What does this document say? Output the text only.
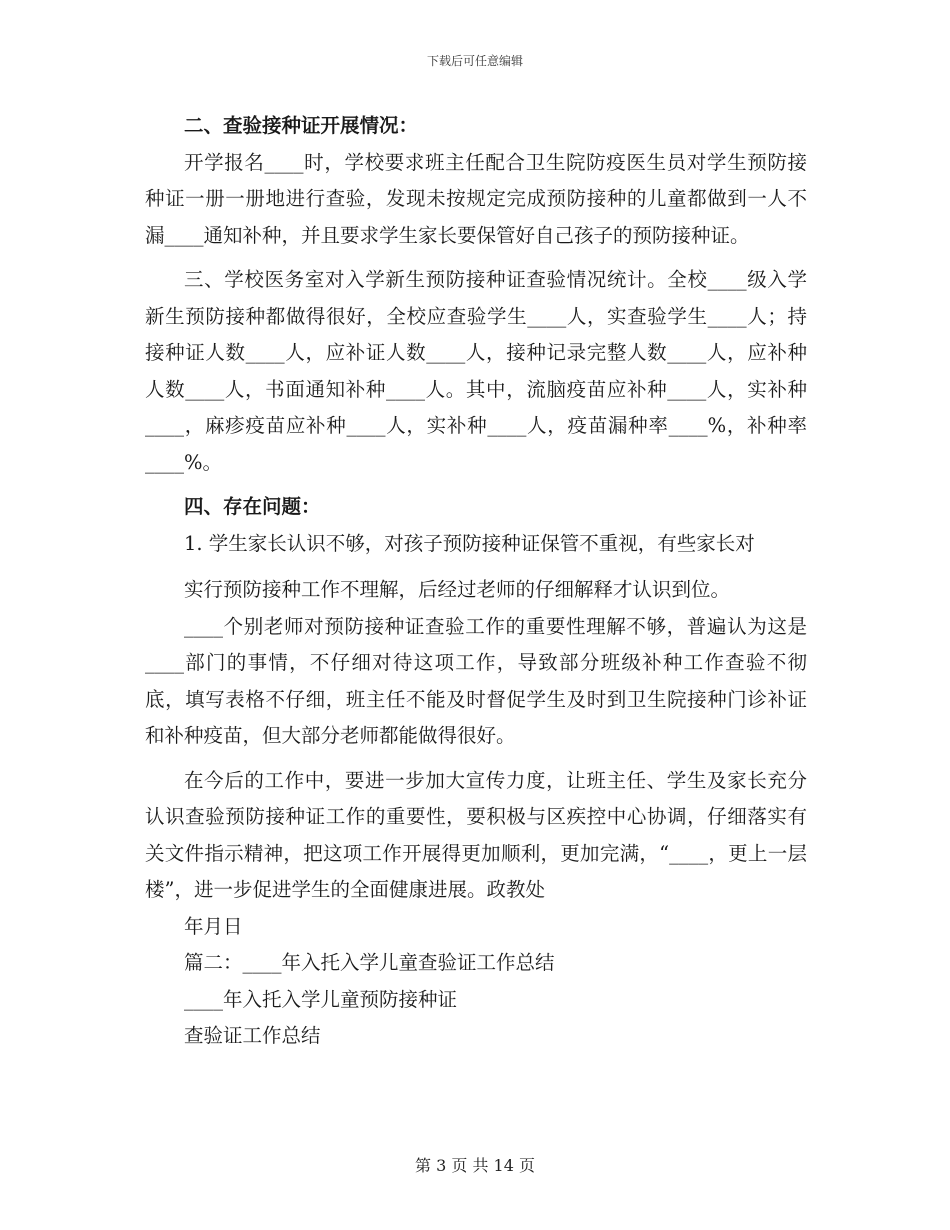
下载后可任意编辑

二、查验接种证开展情况：

开学报名____时，学校要求班主任配合卫生院防疫医生员对学生预防接种证一册一册地进行查验，发现未按规定完成预防接种的儿童都做到一人不漏____通知补种，并且要求学生家长要保管好自己孩子的预防接种证。

三、学校医务室对入学新生预防接种证查验情况统计。全校____级入学新生预防接种都做得很好，全校应查验学生____人，实查验学生____人；持接种证人数____人，应补证人数____人，接种记录完整人数____人，应补种人数____人，书面通知补种____人。其中，流脑疫苗应补种____人，实补种____，麻疹疫苗应补种____人，实补种____人，疫苗漏种率____%，补种率____%。

四、存在问题：

1. 学生家长认识不够，对孩子预防接种证保管不重视，有些家长对

实行预防接种工作不理解，后经过老师的仔细解释才认识到位。

____个别老师对预防接种证查验工作的重要性理解不够，普遍认为这是____部门的事情，不仔细对待这项工作，导致部分班级补种工作查验不彻底，填写表格不仔细，班主任不能及时督促学生及时到卫生院接种门诊补证和补种疫苗，但大部分老师都能做得很好。

在今后的工作中，要进一步加大宣传力度，让班主任、学生及家长充分认识查验预防接种证工作的重要性，要积极与区疾控中心协调，仔细落实有关文件指示精神，把这项工作开展得更加顺利，更加完满，“____，更上一层楼”，进一步促进学生的全面健康进展。政教处

年月日

篇二：____年入托入学儿童查验证工作总结

____年入托入学儿童预防接种证

查验证工作总结

第 3 页 共 14 页
